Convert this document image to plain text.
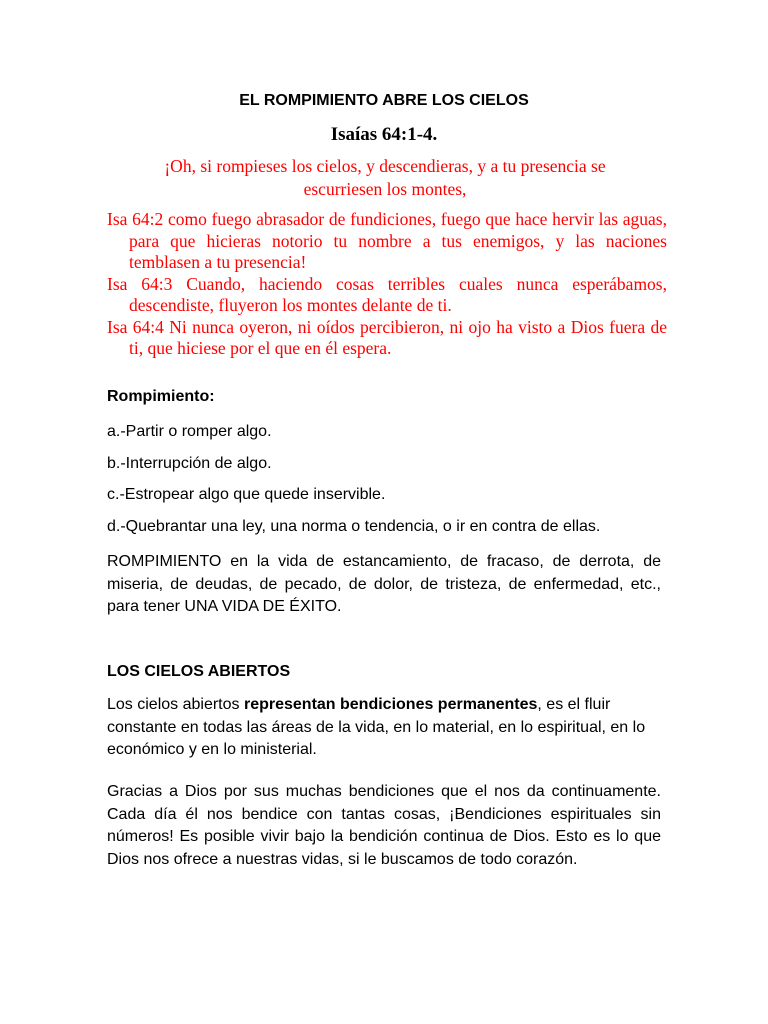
EL ROMPIMIENTO ABRE LOS CIELOS
Isaías 64:1-4.
¡Oh, si rompieses los cielos, y descendieras, y a tu presencia se escurriesen los montes,
Isa 64:2 como fuego abrasador de fundiciones, fuego que hace hervir las aguas, para que hicieras notorio tu nombre a tus enemigos, y las naciones temblasen a tu presencia!
Isa 64:3 Cuando, haciendo cosas terribles cuales nunca esperábamos, descendiste, fluyeron los montes delante de ti.
Isa 64:4 Ni nunca oyeron, ni oídos percibieron, ni ojo ha visto a Dios fuera de ti, que hiciese por el que en él espera.
Rompimiento:
a.-Partir o romper algo.
b.-Interrupción de algo.
c.-Estropear algo que quede inservible.
d.-Quebrantar una ley, una norma o tendencia, o ir en contra de ellas.
ROMPIMIENTO en la vida de estancamiento, de fracaso, de derrota, de miseria, de deudas, de pecado, de dolor, de tristeza, de enfermedad, etc., para tener UNA VIDA DE ÉXITO.
LOS CIELOS ABIERTOS
Los cielos abiertos representan bendiciones permanentes, es el fluir constante en todas las áreas de la vida, en lo material, en lo espiritual, en lo económico y en lo ministerial.
Gracias a Dios por sus muchas bendiciones que el nos da continuamente. Cada día él nos bendice con tantas cosas, ¡Bendiciones espirituales sin números! Es posible vivir bajo la bendición continua de Dios. Esto es lo que Dios nos ofrece a nuestras vidas, si le buscamos de todo corazón.
